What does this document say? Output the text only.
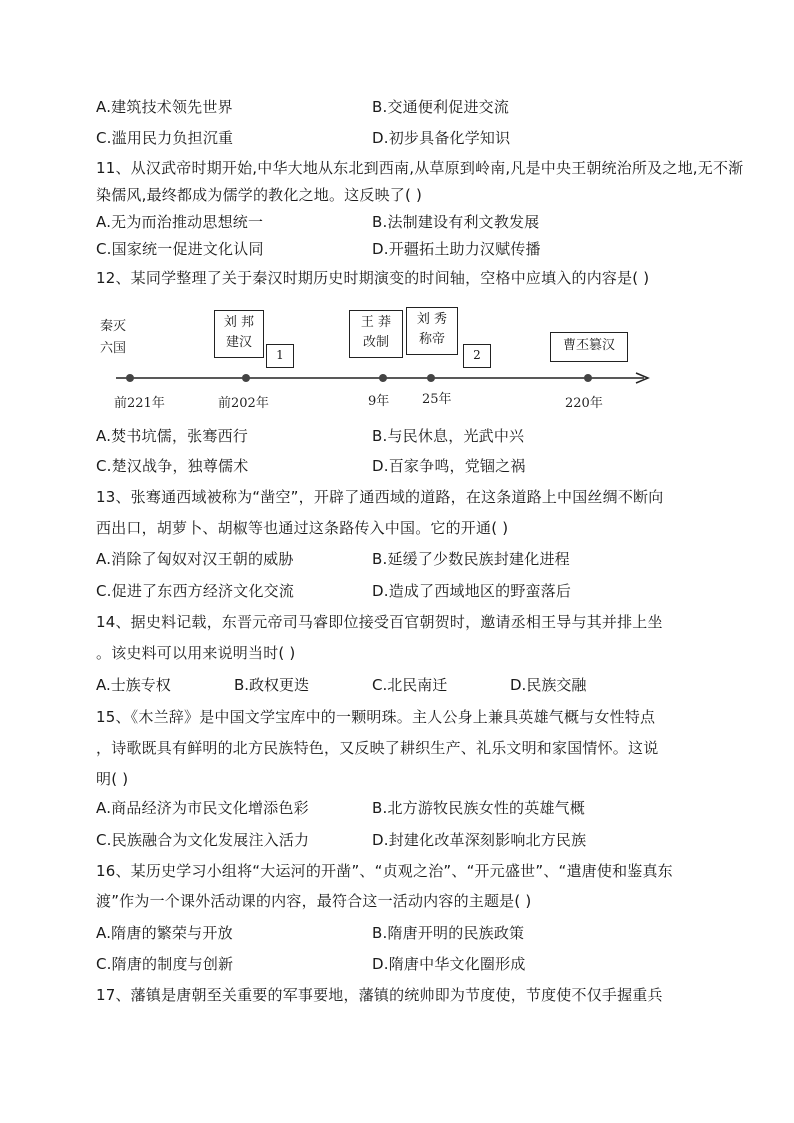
A.建筑技术领先世界	B.交通便利促进交流
C.滥用民力负担沉重	D.初步具备化学知识
11、从汉武帝时期开始,中华大地从东北到西南,从草原到岭南,凡是中央王朝统治所及之地,无不渐
染儒风,最终都成为儒学的教化之地。这反映了( )
A.无为而治推动思想统一	B.法制建设有利文教发展
C.国家统一促进文化认同	D.开疆拓土助力汉赋传播
12、某同学整理了关于秦汉时期历史时期演变的时间轴，空格中应填入的内容是( )
秦灭
六国
刘 邦
建汉
1
王 莽
改制
刘 秀
称帝
2
曹丕篡汉
前221年	前202年	9年	25年	220年
A.焚书坑儒，张骞西行	B.与民休息，光武中兴
C.楚汉战争，独尊儒术	D.百家争鸣，党锢之祸
13、张骞通西域被称为“凿空”，开辟了通西域的道路，在这条道路上中国丝绸不断向
西出口，胡萝卜、胡椒等也通过这条路传入中国。它的开通( )
A.消除了匈奴对汉王朝的威胁	B.延缓了少数民族封建化进程
C.促进了东西方经济文化交流	D.造成了西域地区的野蛮落后
14、据史料记载，东晋元帝司马睿即位接受百官朝贺时，邀请丞相王导与其并排上坐
。该史料可以用来说明当时( )
A.士族专权	B.政权更迭	C.北民南迁	D.民族交融
15、《木兰辞》是中国文学宝库中的一颗明珠。主人公身上兼具英雄气概与女性特点
，诗歌既具有鲜明的北方民族特色，又反映了耕织生产、礼乐文明和家国情怀。这说
明( )
A.商品经济为市民文化增添色彩	B.北方游牧民族女性的英雄气概
C.民族融合为文化发展注入活力	D.封建化改革深刻影响北方民族
16、某历史学习小组将“大运河的开凿”、“贞观之治”、“开元盛世”、“遣唐使和鉴真东
渡”作为一个课外活动课的内容，最符合这一活动内容的主题是( )
A.隋唐的繁荣与开放	B.隋唐开明的民族政策
C.隋唐的制度与创新	D.隋唐中华文化圈形成
17、藩镇是唐朝至关重要的军事要地，藩镇的统帅即为节度使，节度使不仅手握重兵
